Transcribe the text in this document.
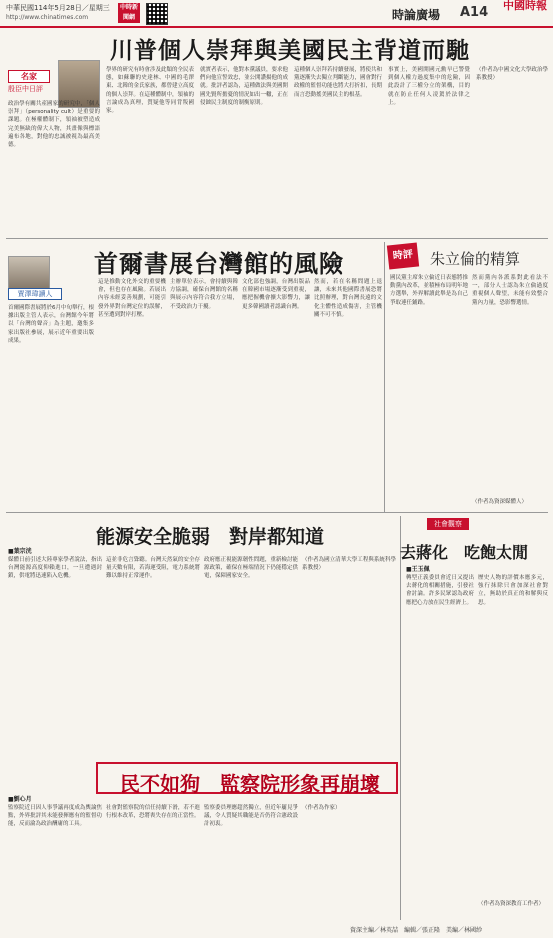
中華民國114年5月28日／星期三
http://www.chinatimes.com
中時新聞網	時論廣場 A14 中國時報
川普個人崇拜與美國民主背道而馳
名家
殷臣中日評
政治學有關共產國家的研究中，「個人崇拜」（personality cult）是重要的課題。在極權體制下，領袖被塑造成完美無缺的偉大人物，其畫像與標語遍布各地，對他的忠誠被視為最高美德。
學界的研究有時會涉及此類的全民表態，如蘇聯的史達林、中國的毛澤東、北韓的金氏家族，都曾建立高度的個人崇拜。在這種體制中，領袖的言論成為真理，質疑他等同背叛國家。
就實者表示，他對本黨議員，要求他們向他宣誓效忠，並公開讚揚他的成就。批評者認為，這種做法與美國開國先賢所擔憂的情況如出一轍，正在侵蝕民主制度的制衡原則。
這種個人崇拜若持續發展，將使共和黨逐漸失去獨立判斷能力，國會對行政權的監督功能也將大打折扣，長期而言恐動搖美國民主的根基。
事實上，美國開國元勳早已警覺到個人權力過度集中的危險，因此設計了三權分立的架構，目的就在防止任何人凌駕於法律之上。
（作者為中國文化大學政治學系教授）
首爾書展台灣館的風險
賈澤瑋讀人
首爾國際書展將於6月中旬舉行，根據出版主管人表示，台灣館今年將以「台灣的聲音」為主題，邀集多家出版社參展，展示近年重要出版成果。
這是推動文化外交的重要機會，但也存在風險。若展出內容未經妥善規劃，可能引發外界對台灣定位的誤解，甚至遭到對岸打壓。
主辦單位表示，會持續與韓方協調，確保台灣館的名稱與展示內容符合我方立場，不受政治力干擾。
文化部也強調，台灣出版品在韓國市場逐漸受到重視，應把握機會擴大影響力，讓更多韓國讀者認識台灣。
然而，若在名稱問題上退讓，未來其他國際書展恐將比照辦理，對台灣長遠的文化主體性造成傷害，主管機關不可不慎。
時評	朱立倫的精算
國民黨主席朱立倫近日表態將推動黨內改革，並積極布局明年地方選舉，外界解讀此舉是為自己爭取連任鋪路。
然而黨內各派系對此看法不一，部分人士認為朱立倫過度重視個人聲望，未能有效整合黨內力量，恐影響選情。
（作者為資深媒體人）
能源安全脆弱　對岸都知道
■葉宗洸
媒體日前引述大陸專家學者說法，指出台灣能源高度仰賴進口，一旦遭遇封鎖，供電將迅速陷入危機。
這並非危言聳聽。台灣天然氣的安全存量天數有限，若海運受阻，電力系統將難以維持正常運作。
政府應正視能源韌性問題，重新檢討能源政策，確保在極端情況下仍能穩定供電，保障國家安全。
（作者為國立清華大學工程與系統科學系教授）
社會觀察
去蔣化　吃飽太閒
■王玉佩
轉型正義委員會近日又提出去蔣化的相關措施，引發社會討論。許多民眾認為政府應把心力放在民生經濟上。
歷史人物的評價本應多元，強行抹除只會加深社會對立，無助於真正的和解與反思。
（作者為資深教育工作者）
民不如狗　監察院形象再崩壞
■劉心月
監察院近日因人事爭議再度成為輿論焦點，外界批評其未能發揮應有的監督功能，反而淪為政治酬庸的工具。
社會對監察院的信任持續下滑，若不進行根本改革，恐將喪失存在的正當性。
監察委員理應超然獨立，但近年屢見爭議，令人質疑其職能是否仍符合憲政設計初衷。
（作者為作家）
資深主編／林英喆　編輯／張正隆　美編／林國紗
